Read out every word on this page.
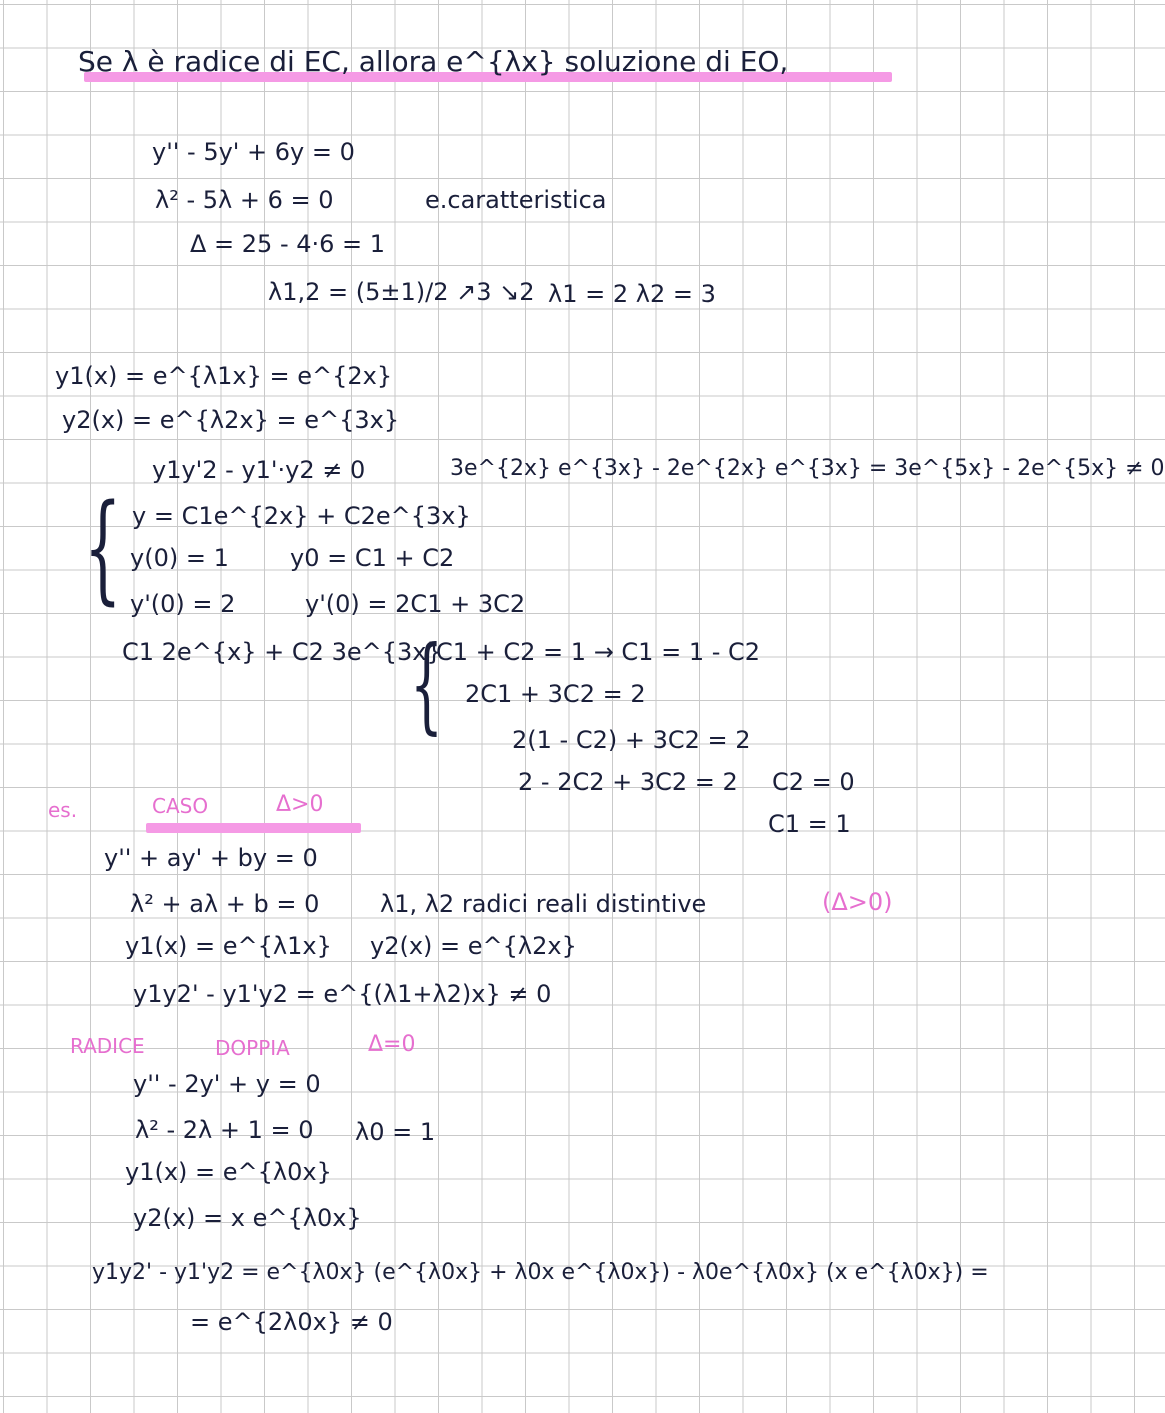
Se λ è radice di EC, allora e^{λx} soluzione di EO,
y'' - 5y' + 6y = 0
λ² - 5λ + 6 = 0	e.caratteristica
Δ = 25 - 4·6 = 1
λ1,2 = (5±1)/2 ↗3 ↘2 λ1 = 2 λ2 = 3
y1(x) = e^{λ1x} = e^{2x}
y2(x) = e^{λ2x} = e^{3x}
y1y'2 - y1'·y2 ≠ 0	3e^{2x} e^{3x} - 2e^{2x} e^{3x} = 3e^{5x} - 2e^{5x} ≠ 0
{ y = C1e^{2x} + C2e^{3x}
y(0) = 1	y0 = C1 + C2
y'(0) = 2	y'(0) = 2C1 + 3C2
C1 2e^{x} + C2 3e^{3x}
{
C1 + C2 = 1 → C1 = 1 - C2
2C1 + 3C2 = 2
2(1 - C2) + 3C2 = 2
2 - 2C2 + 3C2 = 2 C2 = 0
C1 = 1
es.	CASO	Δ>0
y'' + ay' + by = 0
λ² + aλ + b = 0	λ1, λ2 radici reali distintive	(Δ>0)
y1(x) = e^{λ1x} y2(x) = e^{λ2x}
y1y2' - y1'y2 = e^{(λ1+λ2)x} ≠ 0
RADICE	DOPPIA	Δ=0
y'' - 2y' + y = 0
λ² - 2λ + 1 = 0 λ0 = 1
y1(x) = e^{λ0x}
y2(x) = x e^{λ0x}
y1y2' - y1'y2 = e^{λ0x} (e^{λ0x} + λ0x e^{λ0x}) - λ0e^{λ0x} (x e^{λ0x}) =
= e^{2λ0x} ≠ 0
